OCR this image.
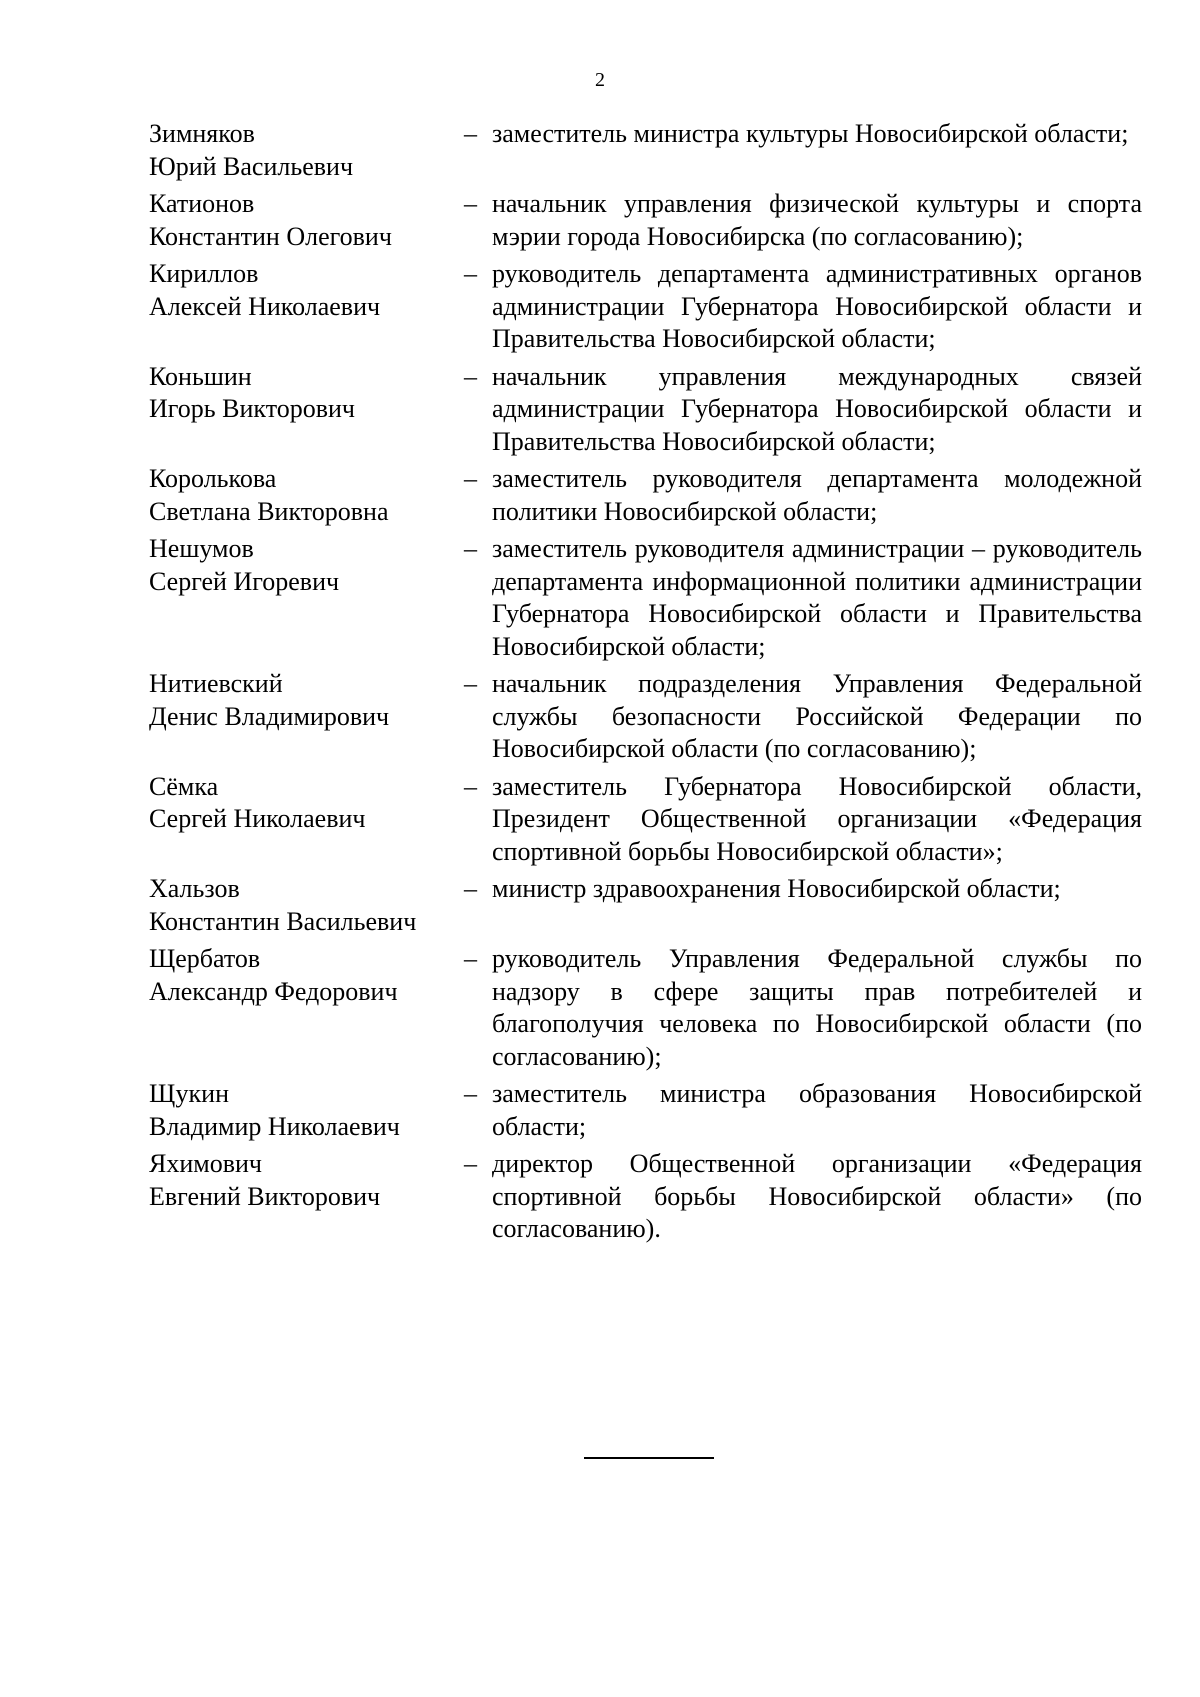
2
Зимняков
Юрий Васильевич
– заместитель министра культуры Новосибирской области;
Катионов
Константин Олегович
– начальник управления физической культуры и спорта мэрии города Новосибирска (по согласованию);
Кириллов
Алексей Николаевич
– руководитель департамента административных органов администрации Губернатора Новосибирской области и Правительства Новосибирской области;
Коньшин
Игорь Викторович
– начальник управления международных связей администрации Губернатора Новосибирской области и Правительства Новосибирской области;
Королькова
Светлана Викторовна
– заместитель руководителя департамента молодежной политики Новосибирской области;
Нешумов
Сергей Игоревич
– заместитель руководителя администрации – руководитель департамента информационной политики администрации Губернатора Новосибирской области и Правительства Новосибирской области;
Нитиевский
Денис Владимирович
– начальник подразделения Управления Федеральной службы безопасности Российской Федерации по Новосибирской области (по согласованию);
Сёмка
Сергей Николаевич
– заместитель Губернатора Новосибирской области, Президент Общественной организации «Федерация спортивной борьбы Новосибирской области»;
Хальзов
Константин Васильевич
– министр здравоохранения Новосибирской области;
Щербатов
Александр Федорович
– руководитель Управления Федеральной службы по надзору в сфере защиты прав потребителей и благополучия человека по Новосибирской области (по согласованию);
Щукин
Владимир Николаевич
– заместитель министра образования Новосибирской области;
Яхимович
Евгений Викторович
– директор Общественной организации «Федерация спортивной борьбы Новосибирской области» (по согласованию).
